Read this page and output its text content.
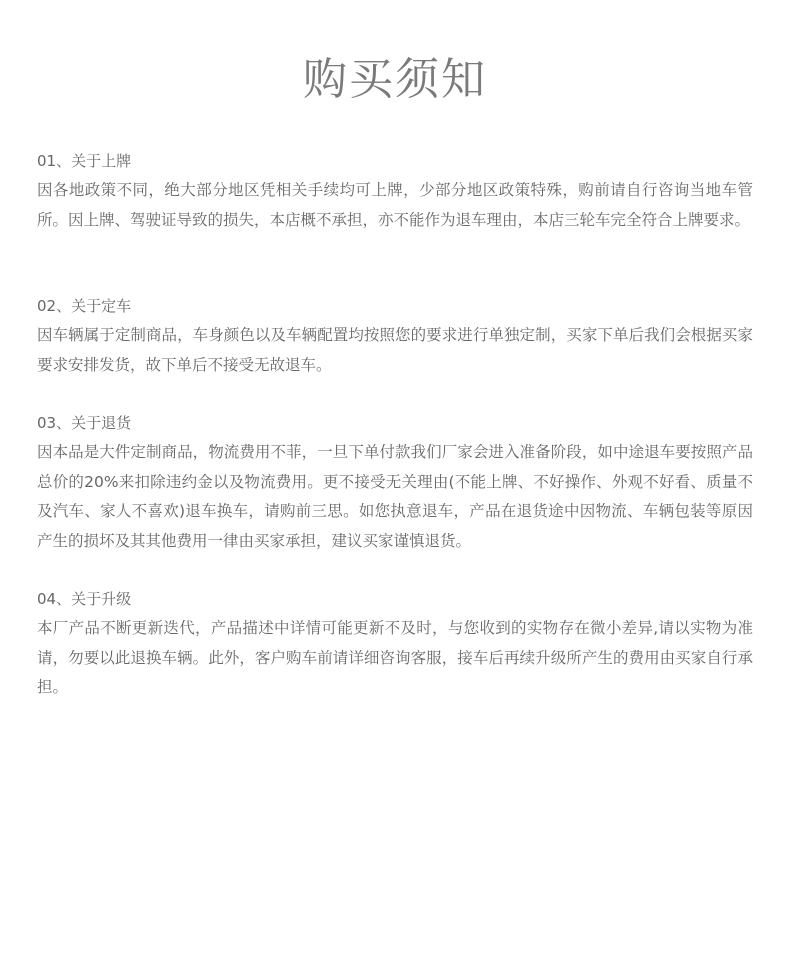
购买须知

01、关于上牌

因各地政策不同，绝大部分地区凭相关手续均可上牌，少部分地区政策特殊，购前请自行咨询当地车管所。因上牌、驾驶证导致的损失，本店概不承担，亦不能作为退车理由，本店三轮车完全符合上牌要求。

02、关于定车

因车辆属于定制商品，车身颜色以及车辆配置均按照您的要求进行单独定制，买家下单后我们会根据买家要求安排发货，故下单后不接受无故退车。

03、关于退货

因本品是大件定制商品，物流费用不菲，一旦下单付款我们厂家会进入准备阶段，如中途退车要按照产品总价的20%来扣除违约金以及物流费用。更不接受无关理由(不能上牌、不好操作、外观不好看、质量不及汽车、家人不喜欢)退车换车，请购前三思。如您执意退车，产品在退货途中因物流、车辆包装等原因产生的损坏及其其他费用一律由买家承担，建议买家谨慎退货。

04、关于升级

本厂产品不断更新迭代，产品描述中详情可能更新不及时，与您收到的实物存在微小差异,请以实物为准请，勿要以此退换车辆。此外，客户购车前请详细咨询客服，接车后再续升级所产生的费用由买家自行承担。
